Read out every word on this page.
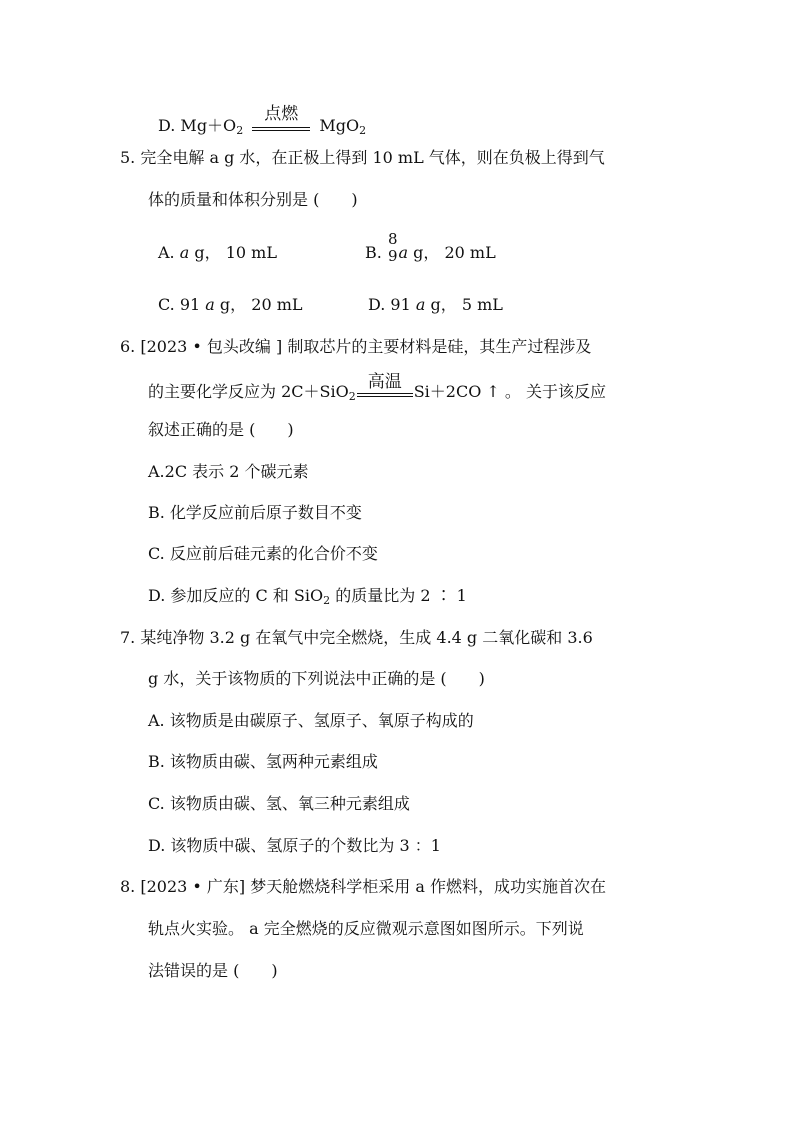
D. $Mg+O_2$
点燃
MgO$_2$
5. 完全电解 a g 水，在正极上得到 10 mL 气体，则在负极上得到气
体的质量和体积分别是 (　　)
A. a g， 10 mL	B.
8
9 a g， 20 mL
C. 91 a g， 20 mL	D. 91 a g， 5 mL
6. [2023 • 包头改编 ] 制取芯片的主要材料是硅，其生产过程涉及
的主要化学反应为 2C＋SiO$_2$
高温 Si＋2CO ↑ 。 关于该反应
叙述正确的是 (　　)
A.2C 表示 2 个碳元素
B. 化学反应前后原子数目不变
C. 反应前后硅元素的化合价不变
D. 参加反应的 C 和 SiO$_2$ 的质量比为 2 ∶ 1
7. 某纯净物 3.2 g 在氧气中完全燃烧，生成 4.4 g 二氧化碳和 3.6
g 水，关于该物质的下列说法中正确的是 (　　)
A. 该物质是由碳原子、氢原子、氧原子构成的
B. 该物质由碳、氢两种元素组成
C. 该物质由碳、氢、氧三种元素组成
D. 该物质中碳、氢原子的个数比为 3 ：1
8. [2023 • 广东] 梦天舱燃烧科学柜采用 a 作燃料，成功实施首次在
轨点火实验。 a 完全燃烧的反应微观示意图如图所示。下列说
法错误的是 (　　)
